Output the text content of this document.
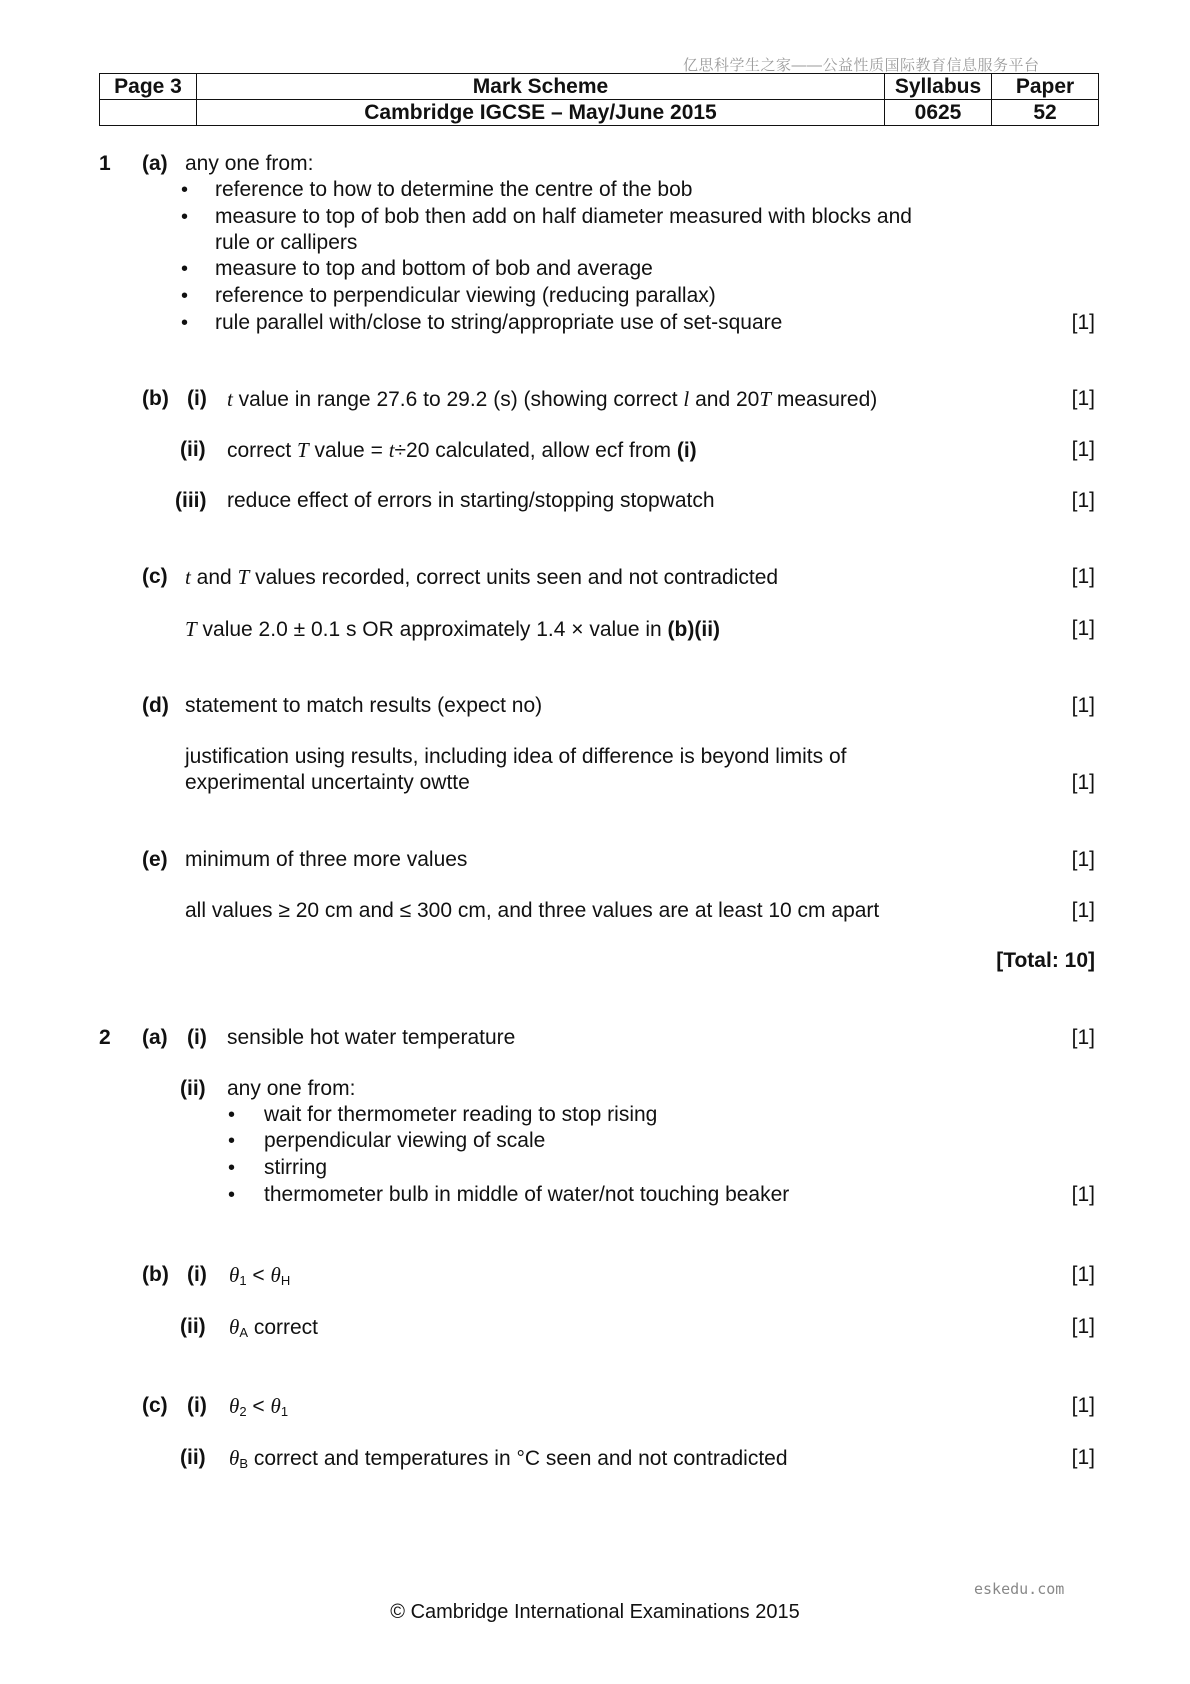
亿思科学生之家——公益性质国际教育信息服务平台
Page 3	Mark Scheme	Syllabus	Paper
	Cambridge IGCSE – May/June 2015	0625	52
1 (a) any one from:
• reference to how to determine the centre of the bob
• measure to top of bob then add on half diameter measured with blocks and
rule or callipers
• measure to top and bottom of bob and average
• reference to perpendicular viewing (reducing parallax)
• rule parallel with/close to string/appropriate use of set-square	[1]
(b) (i) t value in range 27.6 to 29.2 (s) (showing correct l and 20T measured)	[1]
(ii) correct T value = t÷20 calculated, allow ecf from (i)	[1]
(iii) reduce effect of errors in starting/stopping stopwatch	[1]
(c) t and T values recorded, correct units seen and not contradicted	[1]
T value 2.0 ± 0.1 s OR approximately 1.4 × value in (b)(ii)	[1]
(d) statement to match results (expect no)	[1]
justification using results, including idea of difference is beyond limits of
experimental uncertainty owtte	[1]
(e) minimum of three more values	[1]
all values ≥ 20 cm and ≤ 300 cm, and three values are at least 10 cm apart	[1]
[Total: 10]
2 (a) (i) sensible hot water temperature	[1]
(ii) any one from:
• wait for thermometer reading to stop rising
• perpendicular viewing of scale
• stirring
• thermometer bulb in middle of water/not touching beaker	[1]
(b) (i) $\theta_1 < \theta_H$	[1]
(ii) $\theta_A$ correct	[1]
(c) (i) $\theta_2 < \theta_1$	[1]
(ii) $\theta_B$ correct and temperatures in °C seen and not contradicted	[1]
eskedu.com
© Cambridge International Examinations 2015
